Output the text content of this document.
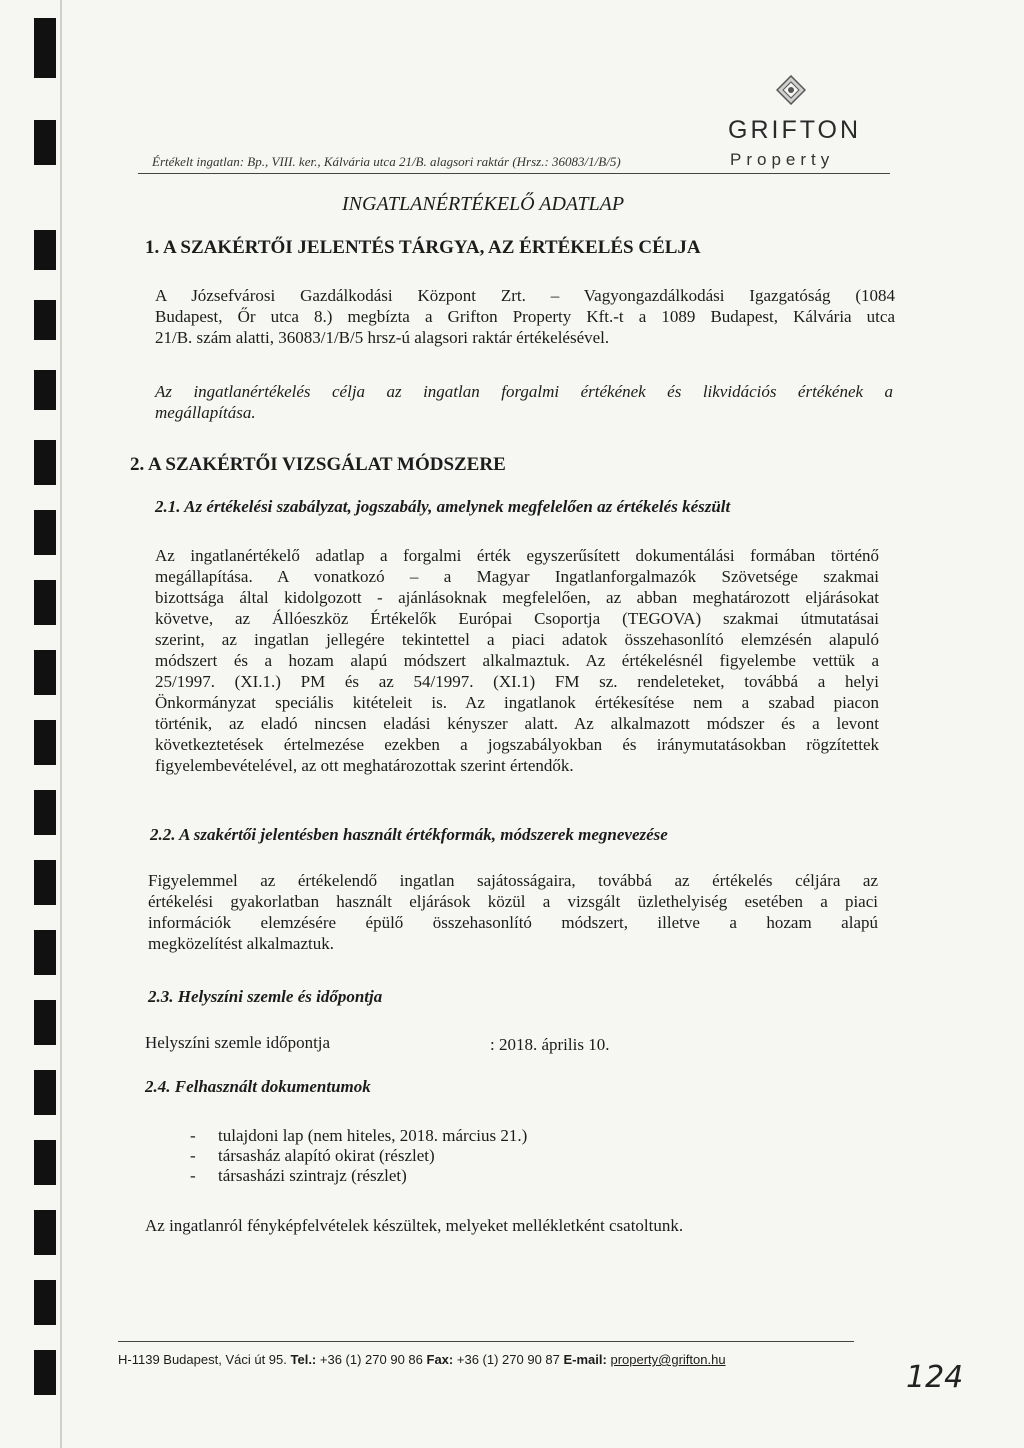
Értékelt ingatlan: Bp., VIII. ker., Kálvária utca 21/B. alagsori raktár (Hrsz.: 36083/1/B/5)
GRIFTON
Property
INGATLANÉRTÉKELŐ ADATLAP
1. A SZAKÉRTŐI JELENTÉS TÁRGYA, AZ ÉRTÉKELÉS CÉLJA
A Józsefvárosi Gazdálkodási Központ Zrt. – Vagyongazdálkodási Igazgatóság (1084
Budapest, Őr utca 8.) megbízta a Grifton Property Kft.-t a 1089 Budapest, Kálvária utca
21/B. szám alatti, 36083/1/B/5 hrsz-ú alagsori raktár értékelésével.
Az ingatlanértékelés célja az ingatlan forgalmi értékének és likvidációs értékének a
megállapítása.
2. A SZAKÉRTŐI VIZSGÁLAT MÓDSZERE
2.1. Az értékelési szabályzat, jogszabály, amelynek megfelelően az értékelés készült
Az ingatlanértékelő adatlap a forgalmi érték egyszerűsített dokumentálási formában történő
megállapítása. A vonatkozó – a Magyar Ingatlanforgalmazók Szövetsége szakmai
bizottsága által kidolgozott - ajánlásoknak megfelelően, az abban meghatározott eljárásokat
követve, az Állóeszköz Értékelők Európai Csoportja (TEGOVA) szakmai útmutatásai
szerint, az ingatlan jellegére tekintettel a piaci adatok összehasonlító elemzésén alapuló
módszert és a hozam alapú módszert alkalmaztuk. Az értékelésnél figyelembe vettük a
25/1997. (XI.1.) PM és az 54/1997. (XI.1) FM sz. rendeleteket, továbbá a helyi
Önkormányzat speciális kitételeit is. Az ingatlanok értékesítése nem a szabad piacon
történik, az eladó nincsen eladási kényszer alatt. Az alkalmazott módszer és a levont
következtetések értelmezése ezekben a jogszabályokban és iránymutatásokban rögzítettek
figyelembevételével, az ott meghatározottak szerint értendők.
2.2. A szakértői jelentésben használt értékformák, módszerek megnevezése
Figyelemmel az értékelendő ingatlan sajátosságaira, továbbá az értékelés céljára az
értékelési gyakorlatban használt eljárások közül a vizsgált üzlethelyiség esetében a piaci
információk elemzésére épülő összehasonlító módszert, illetve a hozam alapú
megközelítést alkalmaztuk.
2.3. Helyszíni szemle és időpontja
Helyszíni szemle időpontja	: 2018. április 10.
2.4. Felhasznált dokumentumok
- tulajdoni lap (nem hiteles, 2018. március 21.)
- társasház alapító okirat (részlet)
- társasházi szintrajz (részlet)
Az ingatlanról fényképfelvételek készültek, melyeket mellékletként csatoltunk.
H-1139 Budapest, Váci út 95. Tel.: +36 (1) 270 90 86 Fax: +36 (1) 270 90 87 E-mail: property@grifton.hu
124
